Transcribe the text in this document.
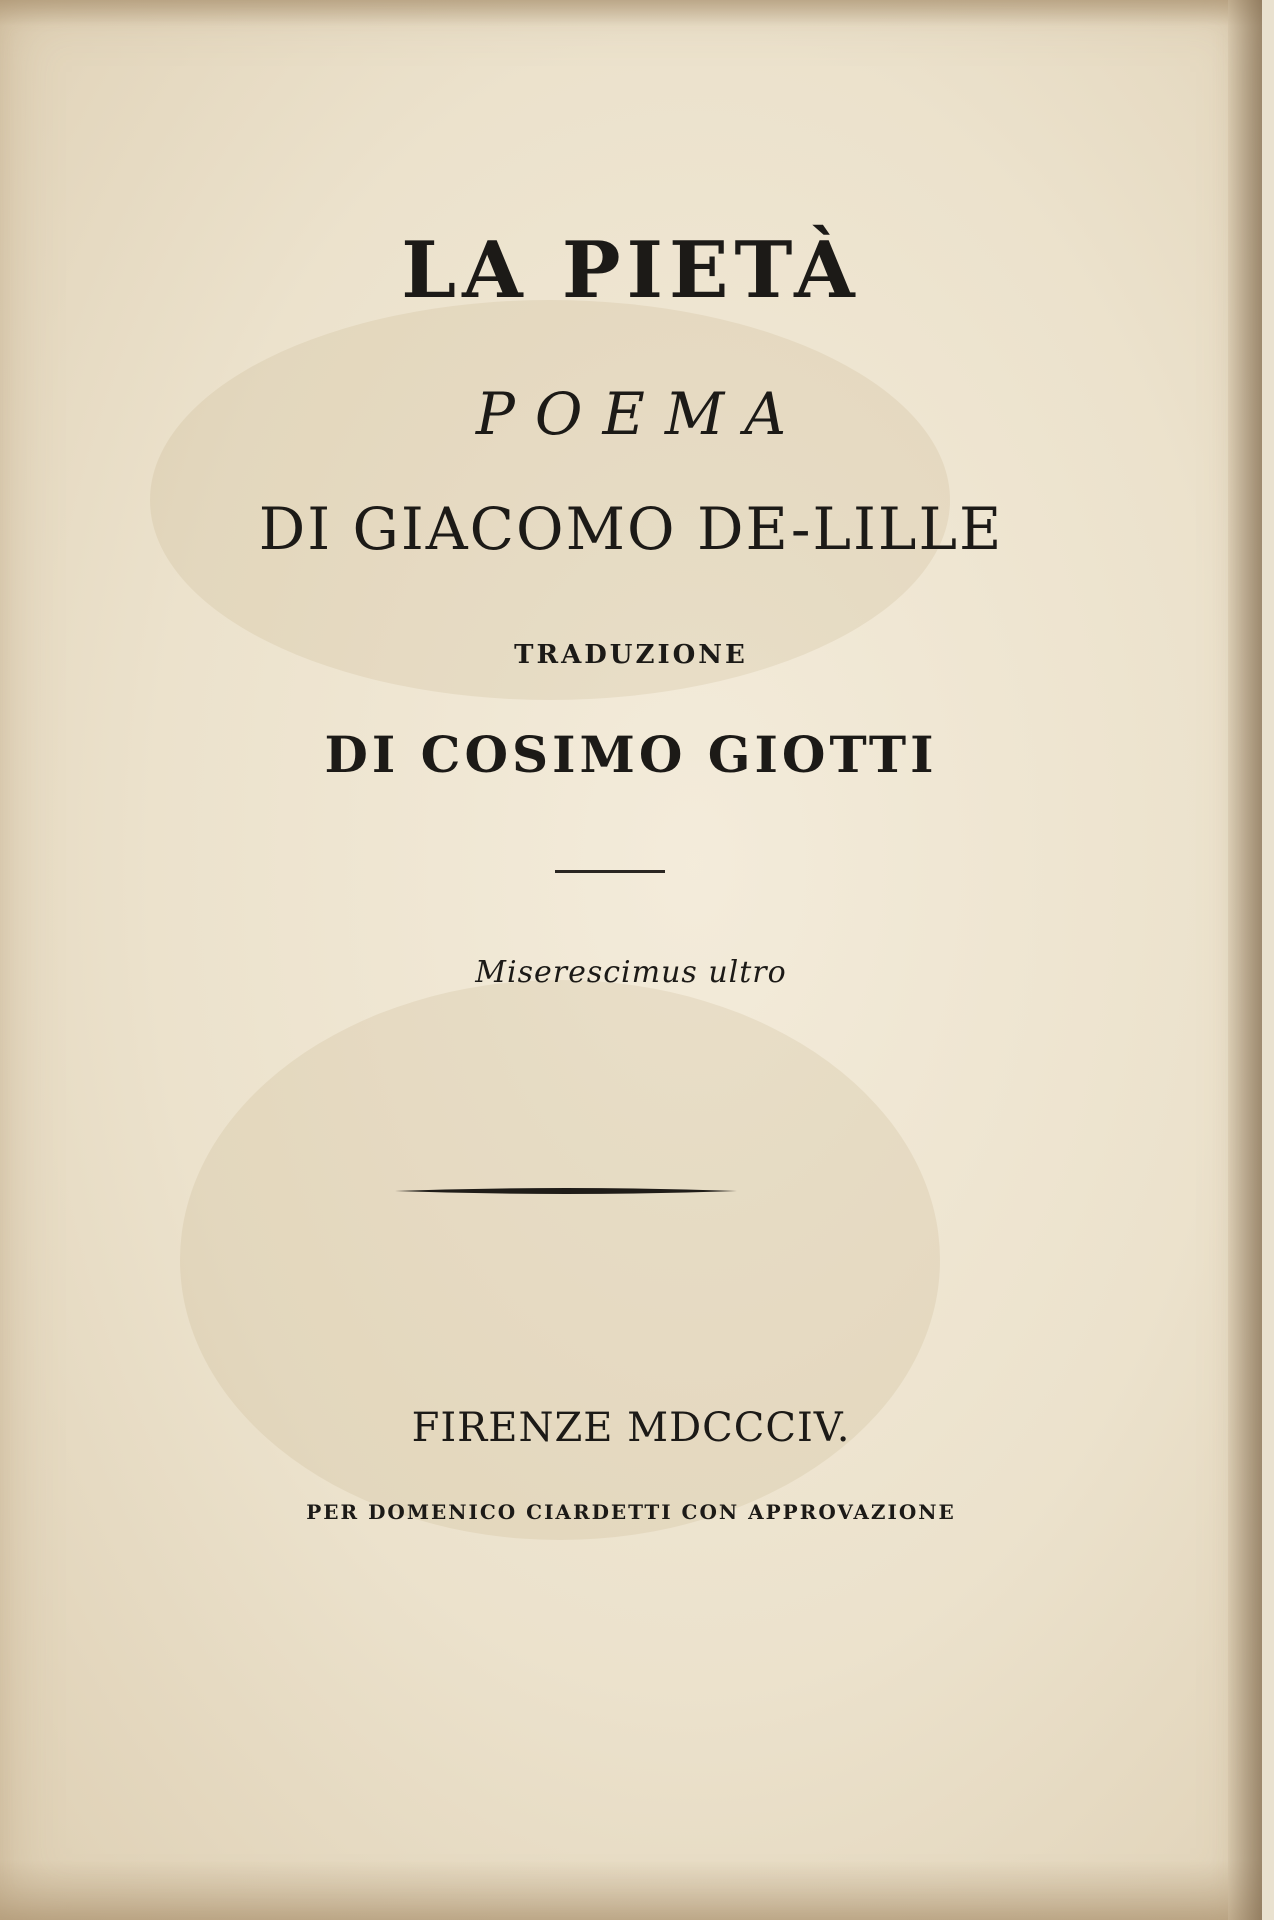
LA PIETÀ
POEMA
DI GIACOMO DE-LILLE
TRADUZIONE
DI COSIMO GIOTTI
Miserescimus ultro
FIRENZE MDCCCIV.
PER DOMENICO CIARDETTI CON APPROVAZIONE
